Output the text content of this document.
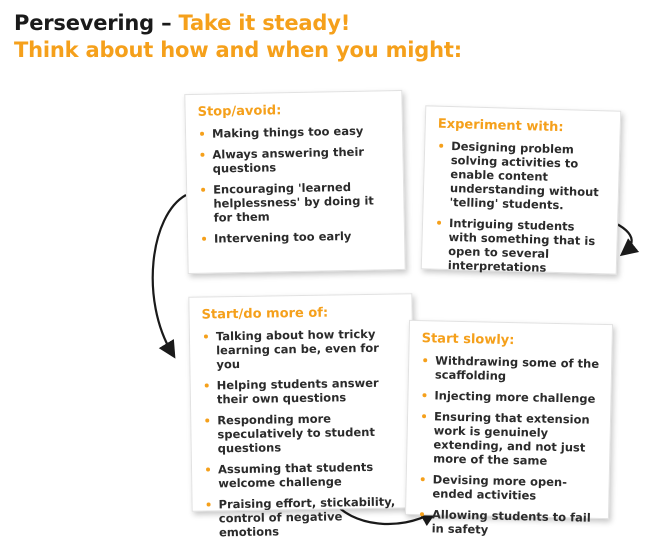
Persevering – Take it steady!
Think about how and when you might:
Stop/avoid:
Making things too easy
Always answering their questions
Encouraging 'learned helplessness' by doing it for them
Intervening too early
Experiment with:
Designing problem solving activities to enable content understanding without 'telling' students.
Intriguing students with something that is open to several interpretations
Start/do more of:
Talking about how tricky learning can be, even for you
Helping students answer their own questions
Responding more speculatively to student questions
Assuming that students welcome challenge
Praising effort, stickability, control of negative emotions
Start slowly:
Withdrawing some of the scaffolding
Injecting more challenge
Ensuring that extension work is genuinely extending, and not just more of the same
Devising more open-ended activities
Allowing students to fail in safety
